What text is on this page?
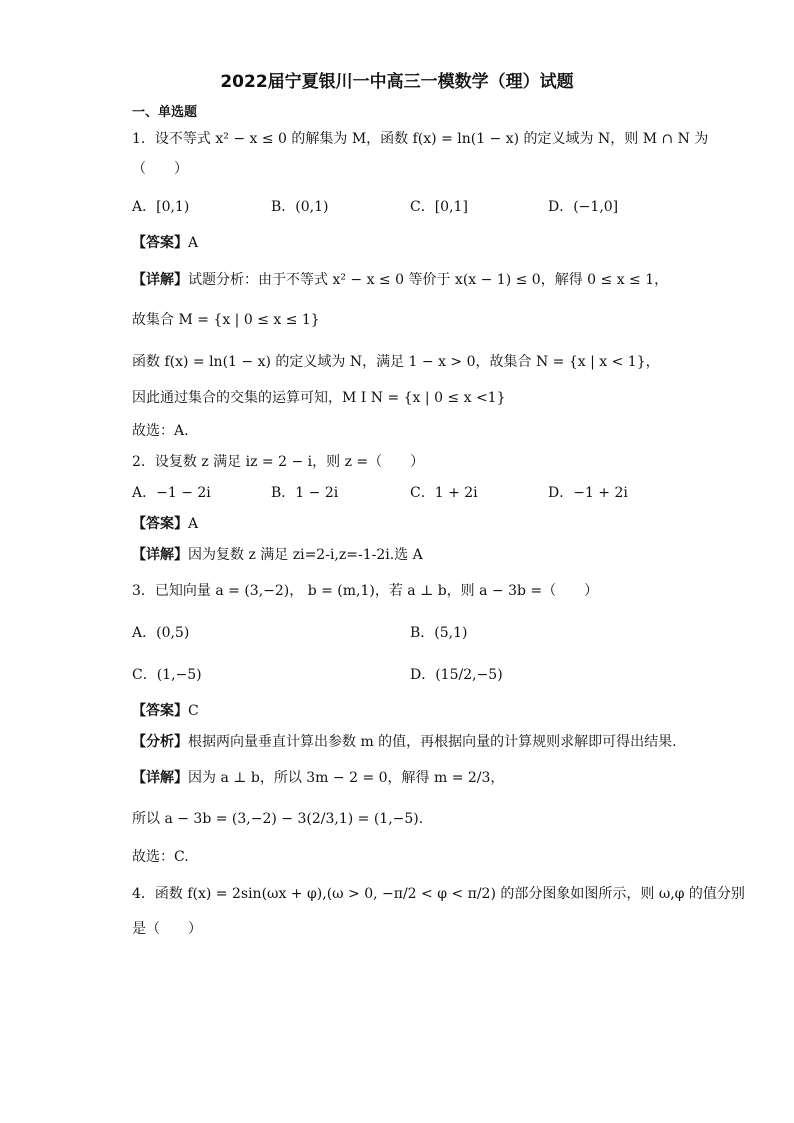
2022届宁夏银川一中高三一模数学（理）试题
一、单选题
1．设不等式 x² − x ≤ 0 的解集为 M，函数 f(x) = ln(1 − x) 的定义域为 N，则 M ∩ N 为
（　　）
A．[0,1)	B．(0,1)	C．[0,1]	D．(−1,0]
【答案】A
【详解】试题分析：由于不等式 x² − x ≤ 0 等价于 x(x − 1) ≤ 0，解得 0 ≤ x ≤ 1，
故集合 M = {x | 0 ≤ x ≤ 1}
函数 f(x) = ln(1 − x) 的定义域为 N，满足 1 − x > 0，故集合 N = {x | x < 1}，
因此通过集合的交集的运算可知，M I N = {x | 0 ≤ x <1}
故选：A.
2．设复数 z 满足 iz = 2 − i，则 z =（　　）
A．−1 − 2i	B．1 − 2i	C．1 + 2i	D．−1 + 2i
【答案】A
【详解】因为复数 z 满足 zi=2-i,z=-1-2i.选 A
3．已知向量 a = (3,−2)， b = (m,1)，若 a ⊥ b，则 a − 3b =（　　）
A．(0,5)	B．(5,1)
C．(1,−5)	D．(15/2,−5)
【答案】C
【分析】根据两向量垂直计算出参数 m 的值，再根据向量的计算规则求解即可得出结果.
【详解】因为 a ⊥ b，所以 3m − 2 = 0，解得 m = 2/3，
所以 a − 3b = (3,−2) − 3(2/3,1) = (1,−5)．
故选：C.
4．函数 f(x) = 2sin(ωx + φ),(ω > 0, −π/2 < φ < π/2) 的部分图象如图所示，则 ω,φ 的值分别
是（　　）
